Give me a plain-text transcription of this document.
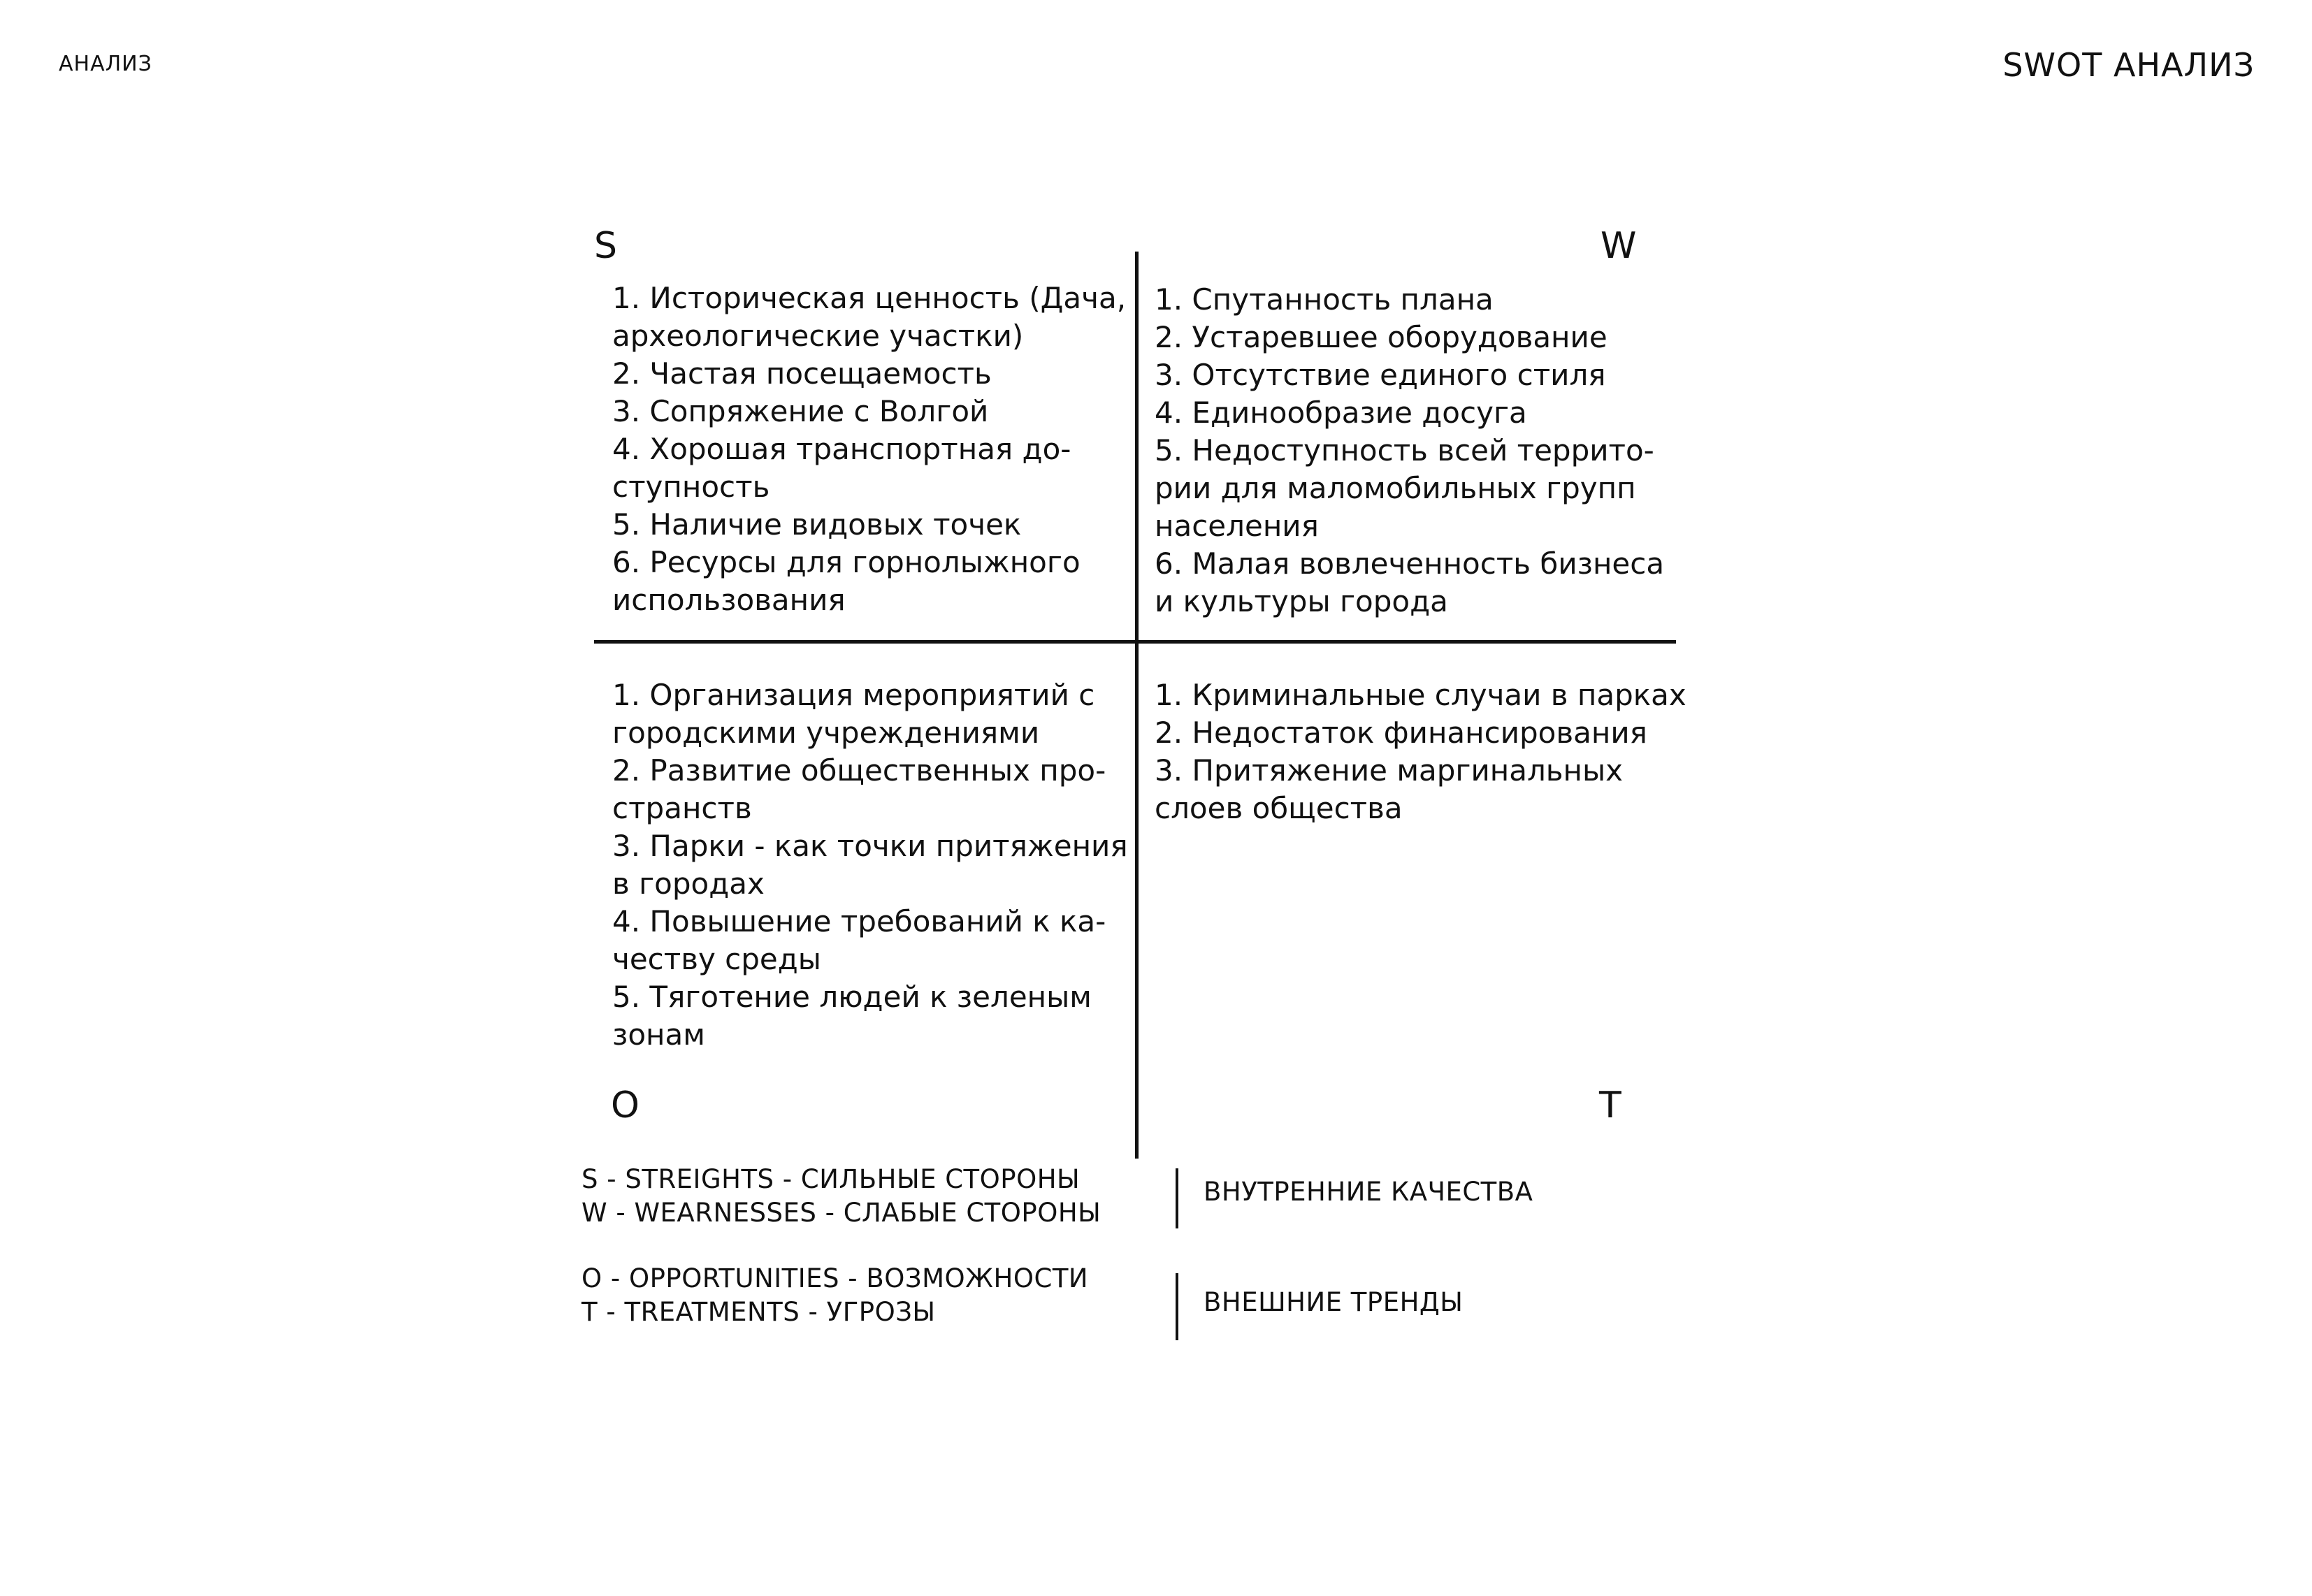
АНАЛИЗ	SWOT АНАЛИЗ
S	W
O	T
1. Историческая ценность (Дача,
археологические участки)
2. Частая посещаемость
3. Сопряжение с Волгой
4. Хорошая транспортная до-
ступность
5. Наличие видовых точек
6. Ресурсы для горнолыжного
использования
1. Спутанность плана
2. Устаревшее оборудование
3. Отсутствие единого стиля
4. Единообразие досуга
5. Недоступность всей террито-
рии для маломобильных групп
населения
6. Малая вовлеченность бизнеса
и культуры города
1. Организация мероприятий с
городскими учреждениями
2. Развитие общественных про-
странств
3. Парки - как точки притяжения
в городах
4. Повышение требований к ка-
честву среды
5. Тяготение людей к зеленым
зонам
1. Криминальные случаи в парках
2. Недостаток финансирования
3. Притяжение маргинальных
слоев общества
S - STREIGHTS - СИЛЬНЫЕ СТОРОНЫ
W - WEARNESSES - СЛАБЫЕ СТОРОНЫ
ВНУТРЕННИЕ КАЧЕСТВА
O - OPPORTUNITIES - ВОЗМОЖНОСТИ
T - TREATMENTS - УГРОЗЫ	ВНЕШНИЕ ТРЕНДЫ
